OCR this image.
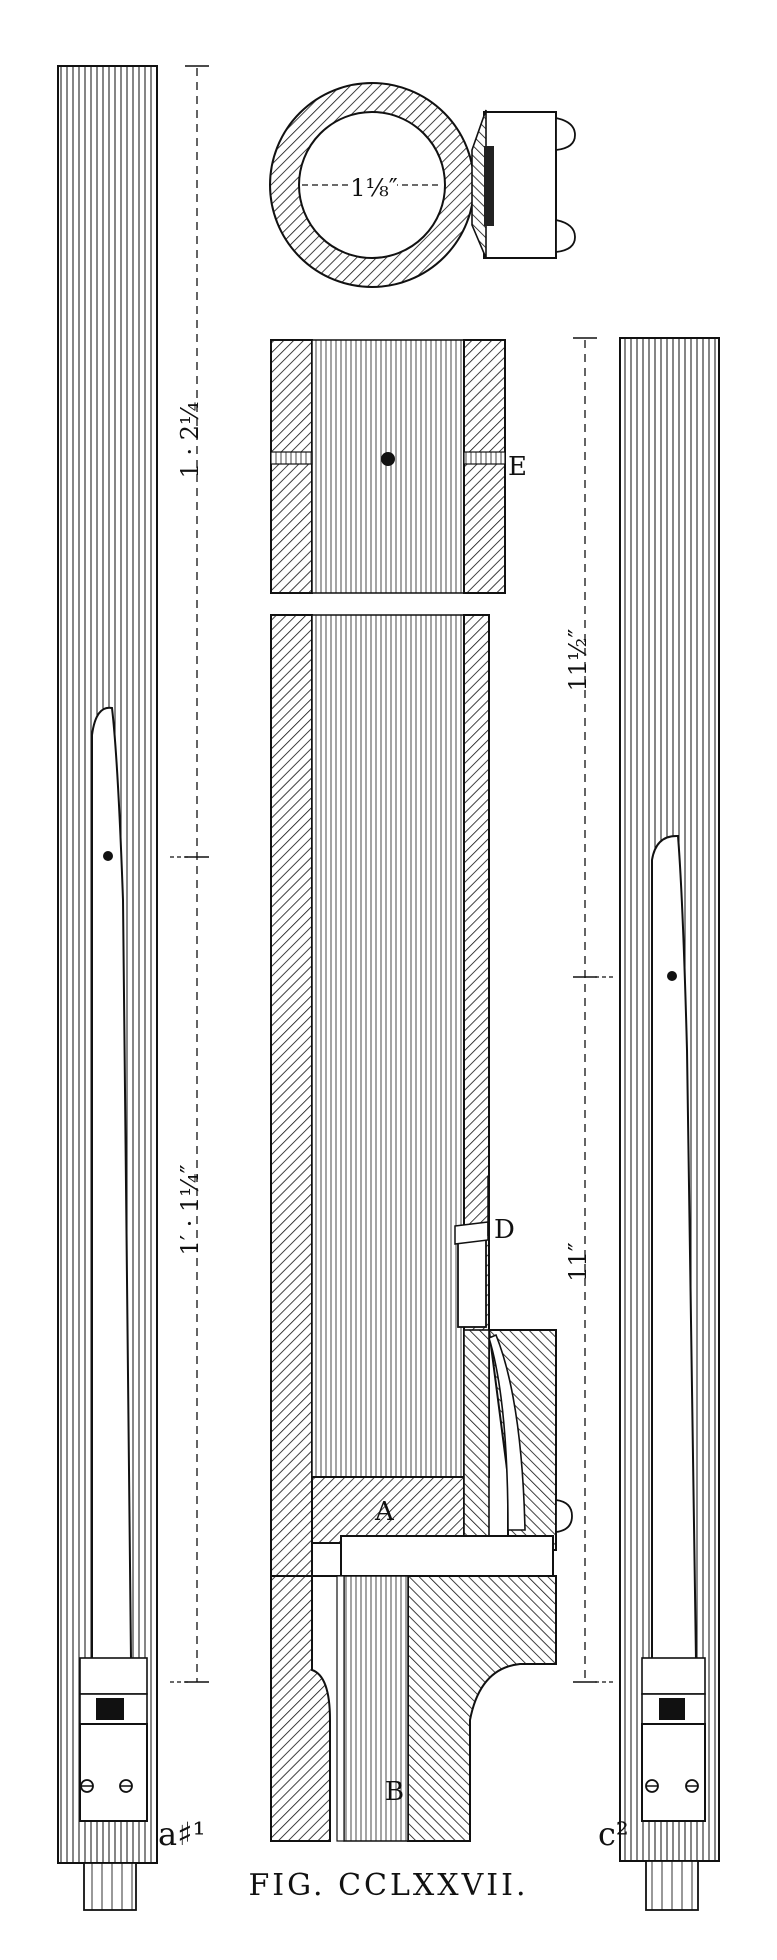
1 · 2¼
1′ · 1¼″
a♯¹
1⅛″
E
D
A
B
11½″
11″
c²
FIG. CCLXXVII.
